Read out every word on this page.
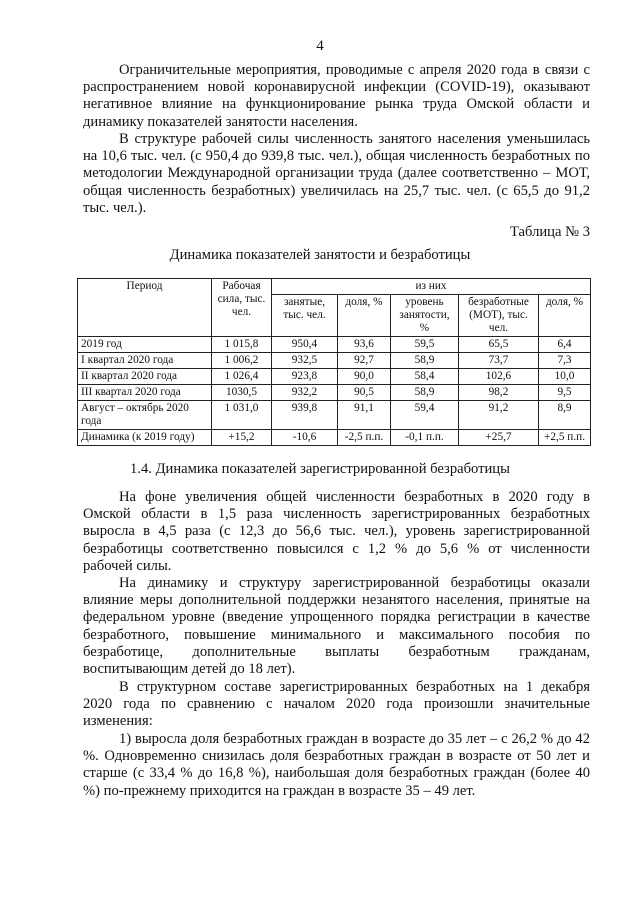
4

Ограничительные мероприятия, проводимые с апреля 2020 года в связи с распространением новой коронавирусной инфекции (COVID-19), оказывают негативное влияние на функционирование рынка труда Омской области и динамику показателей занятости населения.

В структуре рабочей силы численность занятого населения уменьшилась на 10,6 тыс. чел. (с 950,4 до 939,8 тыс. чел.), общая численность безработных по методологии Международной организации труда (далее соответственно – МОТ, общая численность безработных) увеличилась на 25,7 тыс. чел. (с 65,5 до 91,2 тыс. чел.).

Таблица № 3
Динамика показателей занятости и безработицы
Период	Рабочая сила, тыс. чел.	из них				
		занятые, тыс. чел.	доля, %	уровень занятости, %	безработные (МОТ), тыс. чел.	доля, %
2019 год	1 015,8	950,4	93,6	59,5	65,5	6,4
I квартал 2020 года	1 006,2	932,5	92,7	58,9	73,7	7,3
II квартал 2020 года	1 026,4	923,8	90,0	58,4	102,6	10,0
III квартал 2020 года	1030,5	932,2	90,5	58,9	98,2	9,5
Август – октябрь 2020 года	1 031,0	939,8	91,1	59,4	91,2	8,9
Динамика (к 2019 году)	+15,2	-10,6	-2,5 п.п.	-0,1 п.п.	+25,7	+2,5 п.п.
1.4. Динамика показателей зарегистрированной безработицы

На фоне увеличения общей численности безработных в 2020 году в Омской области в 1,5 раза численность зарегистрированных безработных выросла в 4,5 раза (с 12,3 до 56,6 тыс. чел.), уровень зарегистрированной безработицы соответственно повысился с 1,2 % до 5,6 % от численности рабочей силы.

На динамику и структуру зарегистрированной безработицы оказали влияние меры дополнительной поддержки незанятого населения, принятые на федеральном уровне (введение упрощенного порядка регистрации в качестве безработного, повышение минимального и максимального пособия по безработице, дополнительные выплаты безработным гражданам, воспитывающим детей до 18 лет).

В структурном составе зарегистрированных безработных на 1 декабря 2020 года по сравнению с началом 2020 года произошли значительные изменения:

1) выросла доля безработных граждан в возрасте до 35 лет – с 26,2 % до 42 %. Одновременно снизилась доля безработных граждан в возрасте от 50 лет и старше (с 33,4 % до 16,8 %), наибольшая доля безработных граждан (более 40 %) по-прежнему приходится на граждан в возрасте 35 – 49 лет.
